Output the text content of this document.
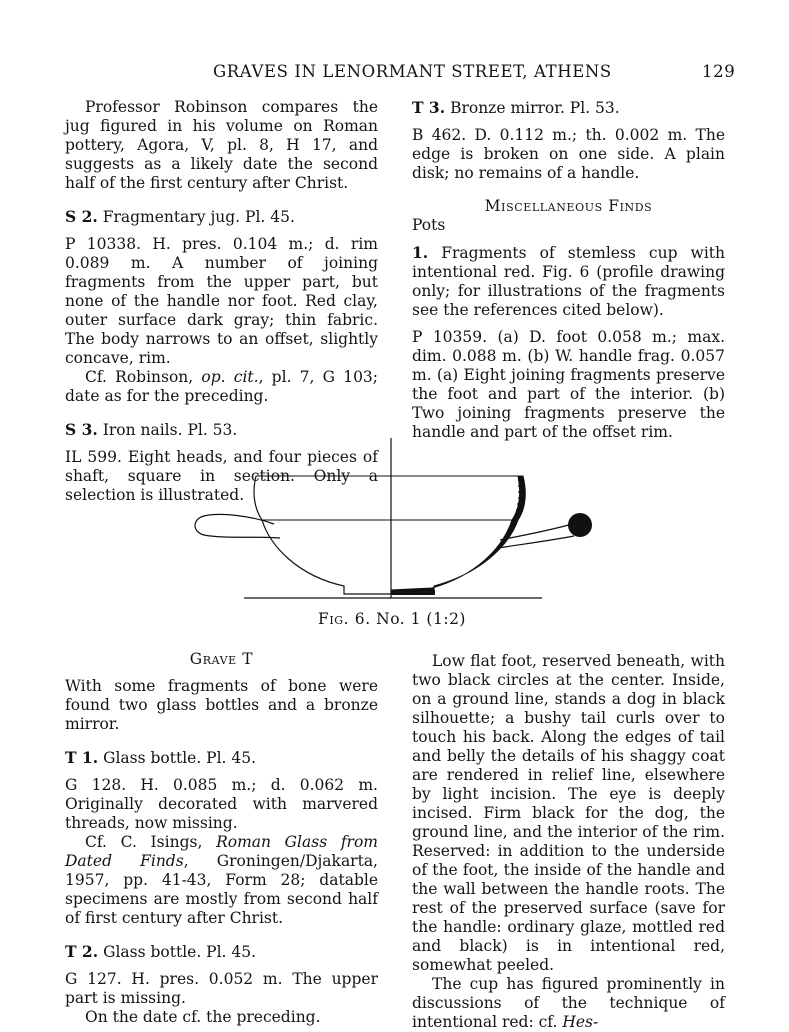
GRAVES IN LENORMANT STREET, ATHENS	129

Professor Robinson compares the jug figured in his volume on Roman pottery, Agora, V, pl. 8, H 17, and suggests as a likely date the second half of the first century after Christ.

S 2. Fragmentary jug. Pl. 45.

P 10338. H. pres. 0.104 m.; d. rim 0.089 m. A number of joining fragments from the upper part, but none of the handle nor foot. Red clay, outer surface dark gray; thin fabric. The body narrows to an offset, slightly concave, rim.

Cf. Robinson, op. cit., pl. 7, G 103; date as for the preceding.

S 3. Iron nails. Pl. 53.

IL 599. Eight heads, and four pieces of shaft, square in section. Only a selection is illustrated.

T 3. Bronze mirror. Pl. 53.

B 462. D. 0.112 m.; th. 0.002 m. The edge is broken on one side. A plain disk; no remains of a handle.

Miscellaneous Finds

Pots

1. Fragments of stemless cup with intentional red. Fig. 6 (profile drawing only; for illustrations of the fragments see the references cited below).

P 10359. (a) D. foot 0.058 m.; max. dim. 0.088 m. (b) W. handle frag. 0.057 m. (a) Eight joining fragments preserve the foot and part of the interior. (b) Two joining fragments preserve the handle and part of the offset rim.

Fig. 6. No. 1 (1:2)

Grave T

With some fragments of bone were found two glass bottles and a bronze mirror.

T 1. Glass bottle. Pl. 45.

G 128. H. 0.085 m.; d. 0.062 m. Originally decorated with marvered threads, now missing.

Cf. C. Isings, Roman Glass from Dated Finds, Groningen/Djakarta, 1957, pp. 41-43, Form 28; datable specimens are mostly from second half of first century after Christ.

T 2. Glass bottle. Pl. 45.

G 127. H. pres. 0.052 m. The upper part is missing.

On the date cf. the preceding.

Low flat foot, reserved beneath, with two black circles at the center. Inside, on a ground line, stands a dog in black silhouette; a bushy tail curls over to touch his back. Along the edges of tail and belly the details of his shaggy coat are rendered in relief line, elsewhere by light incision. The eye is deeply incised. Firm black for the dog, the ground line, and the interior of the rim. Reserved: in addition to the underside of the foot, the inside of the handle and the wall between the handle roots. The rest of the preserved surface (save for the handle: ordinary glaze, mottled red and black) is in intentional red, somewhat peeled.

The cup has figured prominently in discussions of the technique of intentional red: cf. Hes-
